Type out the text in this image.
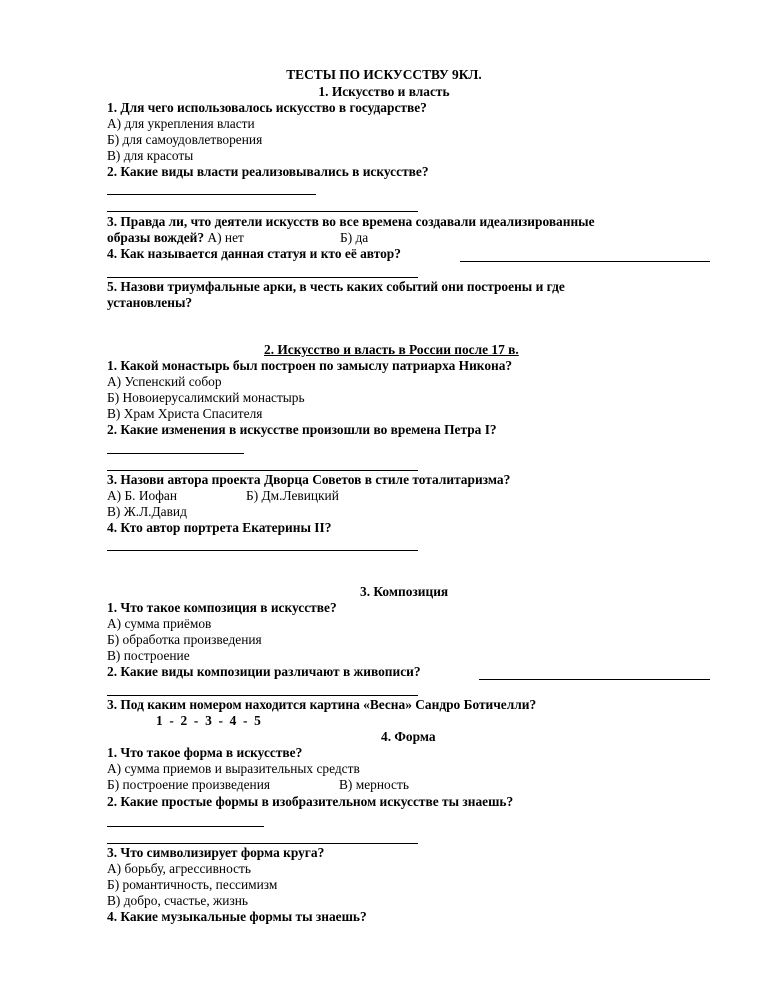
ТЕСТЫ ПО ИСКУССТВУ 9КЛ.
1. Искусство и власть
1. Для чего использовалось искусство в государстве?
А) для укрепления власти
Б) для самоудовлетворения
В) для красоты
2. Какие виды власти реализовывались в искусстве?
3. Правда ли, что деятели искусств во все времена создавали идеализированные
образы вождей? А) нет	Б) да
4. Как называется данная статуя и кто её автор?
5. Назови триумфальные арки, в честь каких событий они построены и где
установлены?
2. Искусство и власть в России после 17 в.
1. Какой монастырь был построен по замыслу патриарха Никона?
А) Успенский собор
Б) Новоиерусалимский монастырь
В) Храм Христа Спасителя
2. Какие изменения в искусстве произошли во времена Петра I?
3. Назови автора проекта Дворца Советов в стиле тоталитаризма?
А) Б. Иофан	Б) Дм.Левицкий
В) Ж.Л.Давид
4. Кто автор портрета Екатерины II?
3. Композиция
1. Что такое композиция в искусстве?
А) сумма приёмов
Б) обработка произведения
В) построение
2. Какие виды композиции различают в живописи?
3. Под каким номером находится картина «Весна» Сандро Ботичелли?
1  -  2  -  3  -  4  -  5
4. Форма
1. Что такое форма в искусстве?
А) сумма приемов и выразительных средств
Б) построение произведения	В) мерность
2. Какие простые формы в изобразительном искусстве ты знаешь?
3. Что символизирует форма круга?
А) борьбу, агрессивность
Б) романтичность, пессимизм
В) добро, счастье, жизнь
4. Какие музыкальные формы ты знаешь?
